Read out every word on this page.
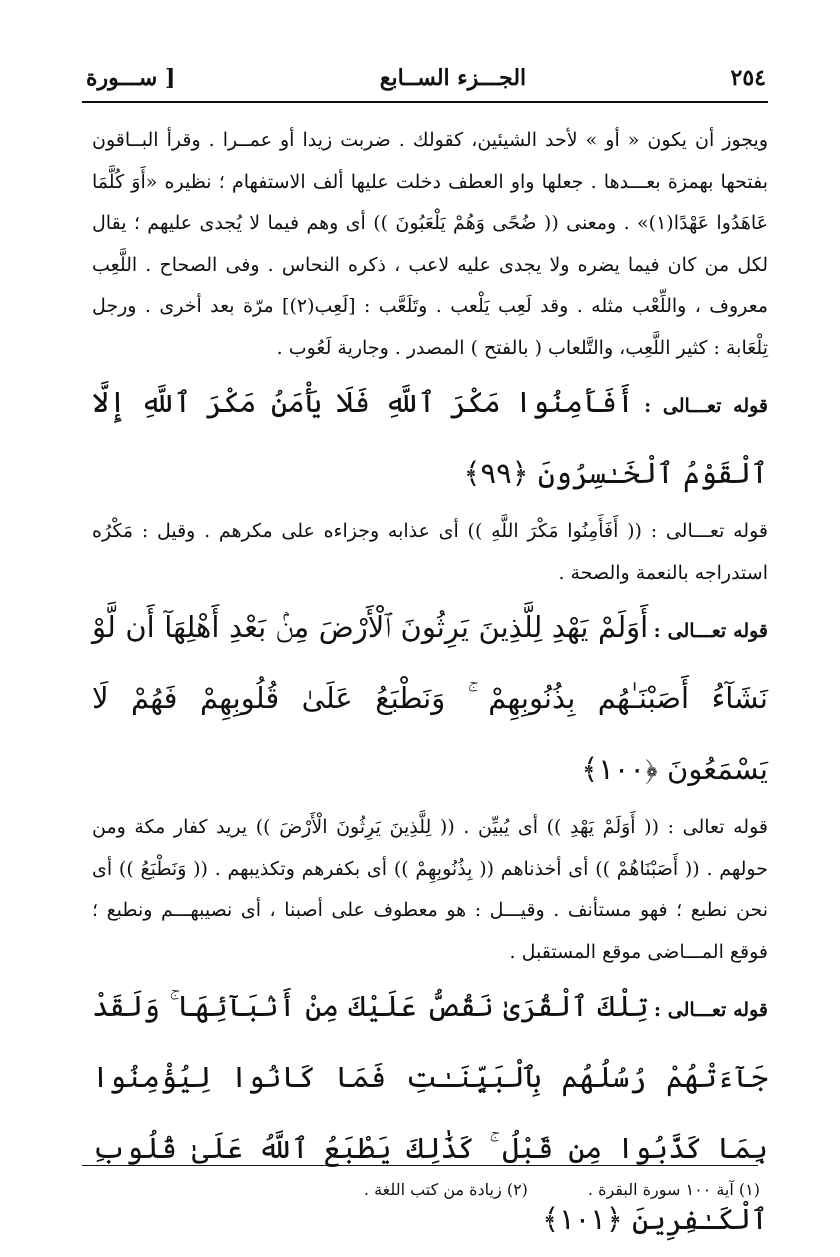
٢٥٤
الجـــزء الســابع
[ ســـورة

ويجوز أن يكون « أو » لأحد الشيئين، كقولك . ضربت زيدا أو عمــرا . وقرأ البــاقون بفتحها بهمزة بعـــدها . جعلها واو العطف دخلت عليها ألف الاستفهام ؛ نظيره «أَوَ كُلَّمَا عَاهَدُوا عَهْدًا(١)» . ومعنى (( ضُحًى وَهُمْ يَلْعَبُونَ )) أى وهم فيما لا يُجدى عليهم ؛ يقال لكل من كان فيما يضره ولا يجدى عليه لاعب ، ذكره النحاس . وفى الصحاح . اللَّعِب معروف ، واللِّعْب مثله . وقد لَعِب يَلْعب . وتَلَعَّب : [لَعِب(٢)] مرّة بعد أخرى . ورجل تِلْعَابة : كثير اللَّعِب، والتَّلعاب ( بالفتح ) المصدر . وجارية لَعُوب .

قوله تعـــالى : أَفَأَمِنُوا مَكْرَ ٱللَّهِ فَلَا يَأْمَنُ مَكْرَ ٱللَّهِ إِلَّا ٱلْقَوْمُ ٱلْخَـٰسِرُونَ ﴿٩٩﴾

قوله تعـــالى : (( أَفَأَمِنُوا مَكْرَ اللَّهِ )) أى عذابه وجزاءه على مكرهم . وقيل : مَكْرُه استدراجه بالنعمة والصحة .

قوله تعـــالى : أَوَلَمْ يَهْدِ لِلَّذِينَ يَرِثُونَ ٱلْأَرْضَ مِنۢ بَعْدِ أَهْلِهَآ أَن لَّوْ نَشَآءُ أَصَبْنَـٰهُم بِذُنُوبِهِمْ ۚ وَنَطْبَعُ عَلَىٰ قُلُوبِهِمْ فَهُمْ لَا يَسْمَعُونَ ﴿١٠٠﴾

قوله تعالى : (( أَوَلَمْ يَهْدِ )) أى يُبيِّن . (( لِلَّذِينَ يَرِثُونَ الْأَرْضَ )) يريد كفار مكة ومن حولهم . (( أَصَبْنَاهُمْ )) أى أخذناهم (( بِذُنُوبِهِمْ )) أى بكفرهم وتكذيبهم . (( وَنَطْبَعُ )) أى نحن نطبع ؛ فهو مستأنف . وقيـــل : هو معطوف على أصبنا ، أى نصيبهـــم ونطبع ؛ فوقع المـــاضى موقع المستقبل .

قوله تعـــالى : تِلْكَ ٱلْقُرَىٰ نَقُصُّ عَلَيْكَ مِنْ أَنۢبَآئِهَا ۚ وَلَقَدْ جَآءَتْهُمْ رُسُلُهُم بِٱلْبَيِّنَـٰتِ فَمَا كَانُوا لِيُؤْمِنُوا بِمَا كَذَّبُوا مِن قَبْلُ ۚ كَذَٰلِكَ يَطْبَعُ ٱللَّهُ عَلَىٰ قُلُوبِ ٱلْكَـٰفِرِينَ ﴿١٠١﴾

(١) آية ١٠٠ سورة البقرة .
(٢) زيادة من كتب اللغة .
